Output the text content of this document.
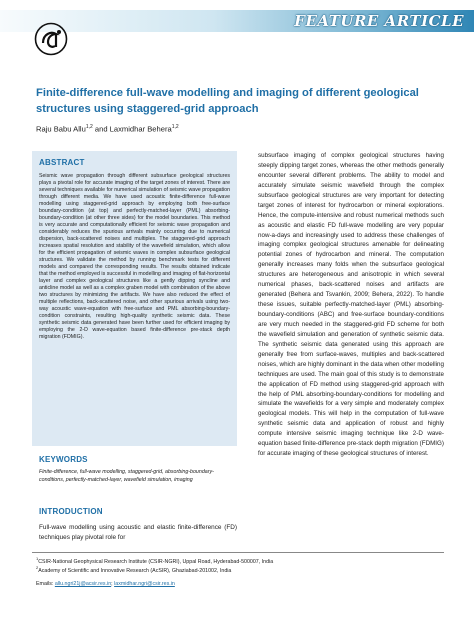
FEATURE ARTICLE
Finite-difference full-wave modelling and imaging of different geological structures using staggered-grid approach
Raju Babu Allu$^{1,2}$ and Laxmidhar Behera$^{1,2}$
ABSTRACT

Seismic wave propagation through different subsurface geological structures plays a pivotal role for accurate imaging of the target zones of interest. There are several techniques available for numerical simulation of seismic wave propagation through different media. We have used acoustic finite-difference full-wave modelling using staggered-grid approach by employing both free-surface boundary-condition (at top) and perfectly-matched-layer (PML) absorbing-boundary-condition (at other three sides) for the model boundaries. This method is very accurate and computationally efficient for seismic wave propagation and considerably reduces the spurious arrivals mainly occurring due to numerical dispersion, back-scattered noises and multiples. The staggered-grid approach increases spatial resolution and stability of the wavefield simulation, which allow for the efficient propagation of seismic waves in complex subsurface geological structures. We validate the method by running benchmark tests for different models and compared the corresponding results. The results obtained indicate that the method employed is successful in modelling and imaging of flat-horizontal layer and complex geological structures like a gently dipping syncline and anticline model as well as a complex graben model with combination of the above two structures by minimizing the artifacts. We have also reduced the effect of multiple reflections, back-scattered noise, and other spurious arrivals using two-way acoustic wave-equation with free-surface and PML absorbing-boundary-condition constraints, resulting high-quality synthetic seismic data. These synthetic seismic data generated have been further used for efficient imaging by employing the 2-D wave-equation based finite-difference pre-stack depth migration (FDMIG).

KEYWORDS

Finite-difference, full-wave modelling, staggered-grid, absorbing-boundary-conditions, perfectly-matched-layer, wavefield simulation, imaging

INTRODUCTION

Full-wave modelling using acoustic and elastic finite-difference (FD) techniques play pivotal role for

subsurface imaging of complex geological structures having steeply dipping target zones, whereas the other methods generally encounter several different problems. The ability to model and accurately simulate seismic wavefield through the complex subsurface geological structures are very important for detecting target zones of interest for hydrocarbon or mineral explorations. Hence, the compute-intensive and robust numerical methods such as acoustic and elastic FD full-wave modelling are very popular now-a-days and increasingly used to address these challenges of imaging complex geological structures amenable for delineating potential zones of hydrocarbon and mineral. The computation generally increases many folds when the subsurface geological structures are heterogeneous and anisotropic in which several numerical phases, back-scattered noises and artifacts are generated (Behera and Tsvankin, 2009; Behera, 2022). To handle these issues, suitable perfectly-matched-layer (PML) absorbing-boundary-conditions (ABC) and free-surface boundary-conditions are very much needed in the staggered-grid FD scheme for both the wavefield simulation and generation of synthetic seismic data. The synthetic seismic data generated using this approach are generally free from surface-waves, multiples and back-scattered noises, which are highly dominant in the data when other modelling techniques are used. The main goal of this study is to demonstrate the application of FD method using staggered-grid approach with the help of PML absorbing-boundary-conditions for modelling and simulate the wavefields for a very simple and moderately complex geological models. This will help in the computation of full-wave synthetic seismic data and application of robust and highly compute intensive seismic imaging technique like 2-D wave-equation based finite-difference pre-stack depth migration (FDMIG) for accurate imaging of these geological structures of interest.

$^1$CSIR-National Geophysical Research Institute (CSIR-NGRI), Uppal Road, Hyderabad-500007, India
$^2$Academy of Scientific and Innovative Research (AcSIR), Ghaziabad-201002, India
Emails: allu.ngri21j@acsir.res.in; laxmidhar.ngri@csir.res.in
